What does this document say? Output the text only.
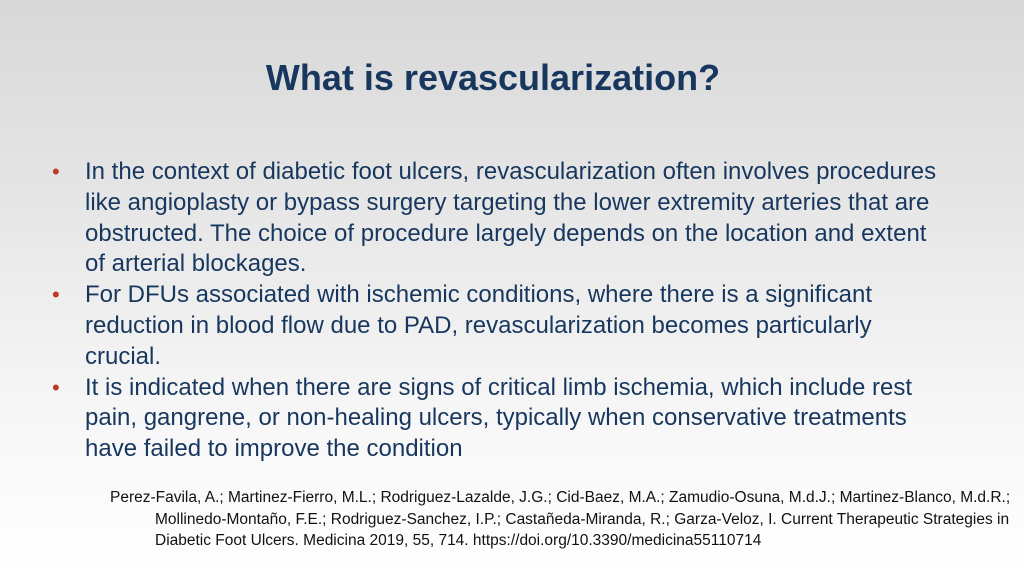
What is revascularization?
• In the context of diabetic foot ulcers, revascularization often involves procedures like angioplasty or bypass surgery targeting the lower extremity arteries that are obstructed. The choice of procedure largely depends on the location and extent of arterial blockages.
• For DFUs associated with ischemic conditions, where there is a significant reduction in blood flow due to PAD, revascularization becomes particularly crucial.
• It is indicated when there are signs of critical limb ischemia, which include rest pain, gangrene, or non-healing ulcers, typically when conservative treatments have failed to improve the condition

Perez-Favila, A.; Martinez-Fierro, M.L.; Rodriguez-Lazalde, J.G.; Cid-Baez, M.A.; Zamudio-Osuna, M.d.J.; Martinez-Blanco, M.d.R.; Mollinedo-Montaño, F.E.; Rodriguez-Sanchez, I.P.; Castañeda-Miranda, R.; Garza-Veloz, I. Current Therapeutic Strategies in Diabetic Foot Ulcers. Medicina 2019, 55, 714. https://doi.org/10.3390/medicina55110714
